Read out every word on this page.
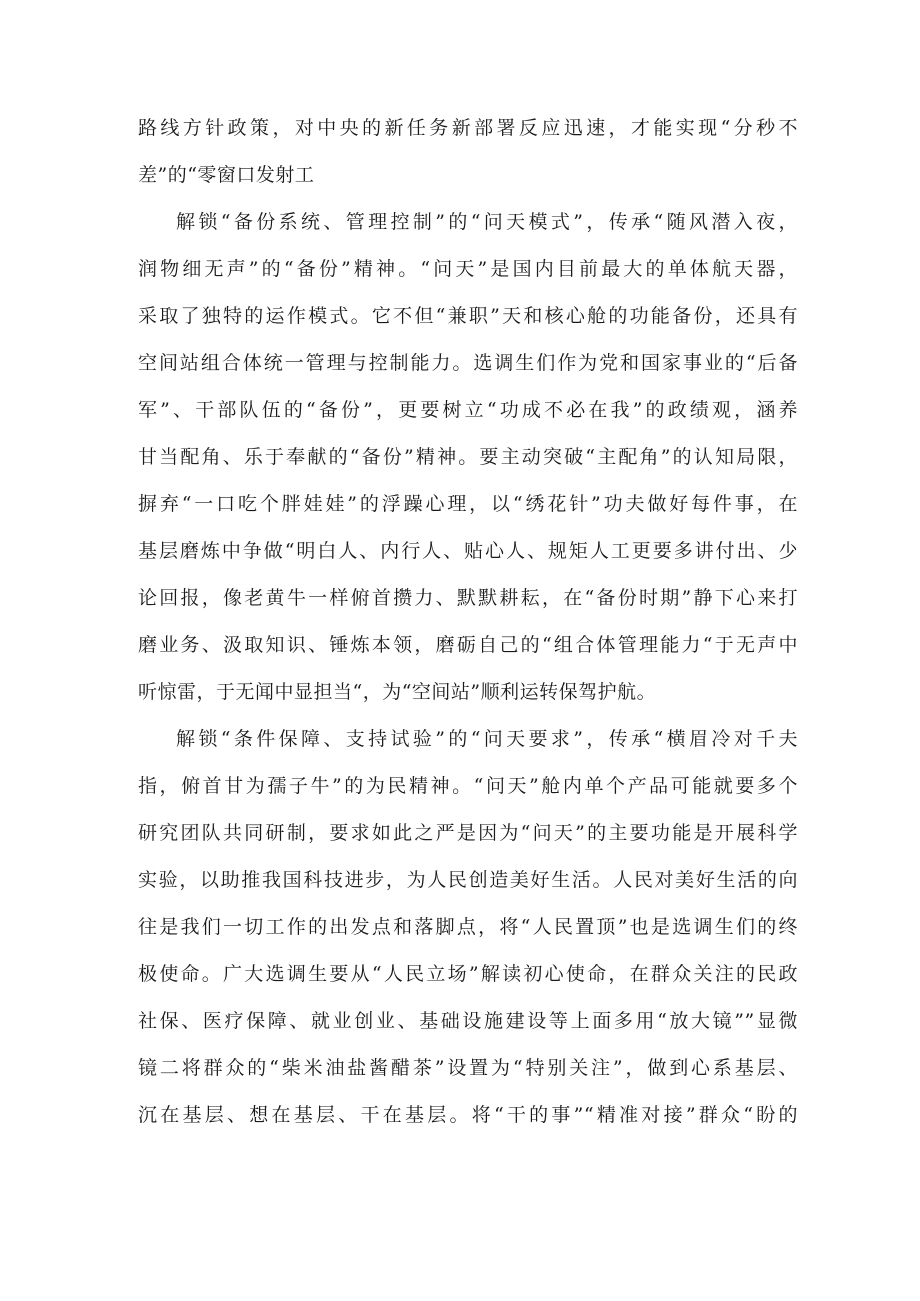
路线方针政策，对中央的新任务新部署反应迅速，才能实现“分秒不
差”的“零窗口发射工
解锁“备份系统、管理控制”的“问天模式”，传承“随风潜入夜，
润物细无声”的“备份”精神。“问天”是国内目前最大的单体航天器，
采取了独特的运作模式。它不但“兼职”天和核心舱的功能备份，还具有
空间站组合体统一管理与控制能力。选调生们作为党和国家事业的“后备
军”、干部队伍的“备份”，更要树立“功成不必在我”的政绩观，涵养
甘当配角、乐于奉献的“备份”精神。要主动突破“主配角”的认知局限，
摒弃“一口吃个胖娃娃”的浮躁心理，以“绣花针”功夫做好每件事，在
基层磨炼中争做“明白人、内行人、贴心人、规矩人工更要多讲付出、少
论回报，像老黄牛一样俯首攒力、默默耕耘，在“备份时期”静下心来打
磨业务、汲取知识、锤炼本领，磨砺自己的“组合体管理能力“于无声中
听惊雷，于无闻中显担当“，为“空间站”顺利运转保驾护航。
解锁“条件保障、支持试验”的“问天要求”，传承“横眉冷对千夫
指，俯首甘为孺子牛”的为民精神。“问天”舱内单个产品可能就要多个
研究团队共同研制，要求如此之严是因为“问天”的主要功能是开展科学
实验，以助推我国科技进步，为人民创造美好生活。人民对美好生活的向
往是我们一切工作的出发点和落脚点，将“人民置顶”也是选调生们的终
极使命。广大选调生要从“人民立场”解读初心使命，在群众关注的民政
社保、医疗保障、就业创业、基础设施建设等上面多用“放大镜””显微
镜二将群众的“柴米油盐酱醋茶”设置为“特别关注”，做到心系基层、
沉在基层、想在基层、干在基层。将“干的事”“精准对接”群众“盼的
